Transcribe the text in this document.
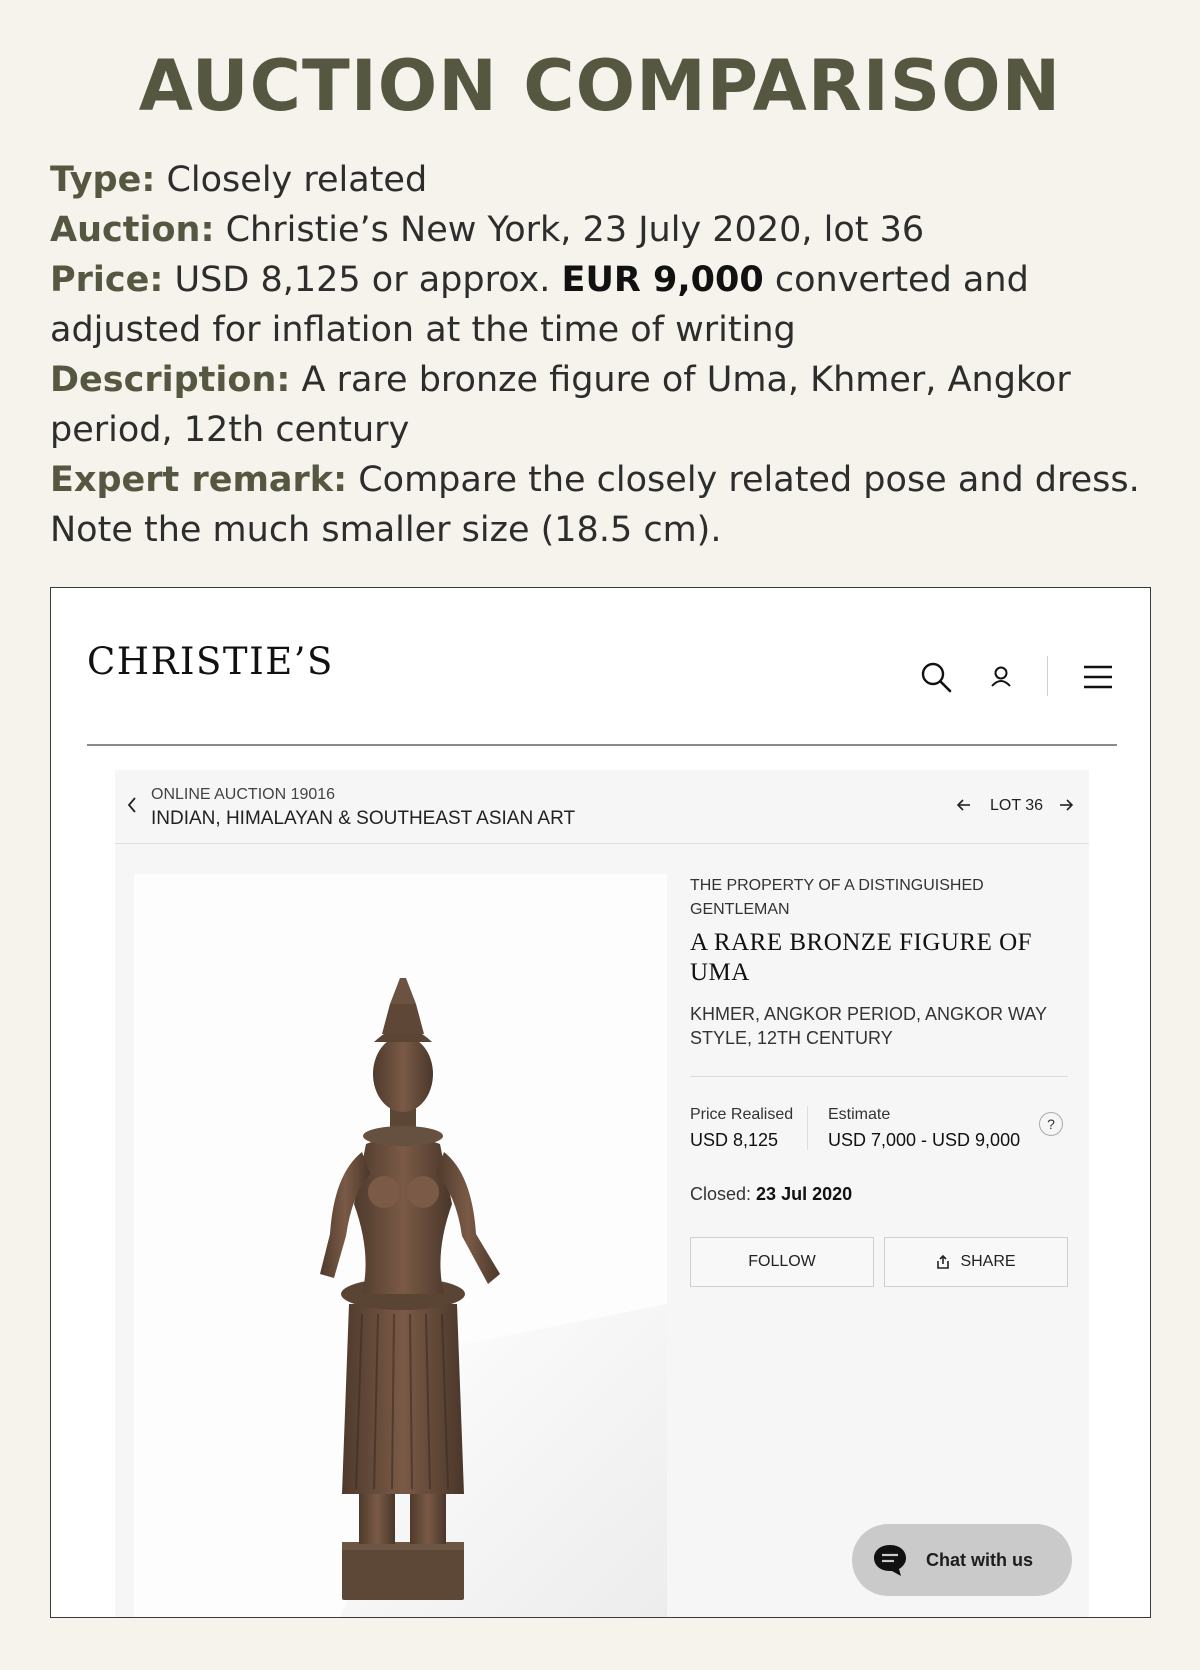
AUCTION COMPARISON
Type: Closely related
Auction: Christie’s New York, 23 July 2020, lot 36
Price: USD 8,125 or approx. EUR 9,000 converted and adjusted for inflation at the time of writing
Description: A rare bronze figure of Uma, Khmer, Angkor period, 12th century
Expert remark: Compare the closely related pose and dress. Note the much smaller size (18.5 cm).
CHRISTIE’S
ONLINE AUCTION 19016
INDIAN, HIMALAYAN & SOUTHEAST ASIAN ART
LOT 36
THE PROPERTY OF A DISTINGUISHED GENTLEMAN
A RARE BRONZE FIGURE OF UMA
KHMER, ANGKOR PERIOD, ANGKOR WAY STYLE, 12TH CENTURY
Price Realised
USD 8,125
Estimate
USD 7,000 - USD 9,000
?
Closed: 23 Jul 2020
FOLLOW	SHARE
Chat with us
